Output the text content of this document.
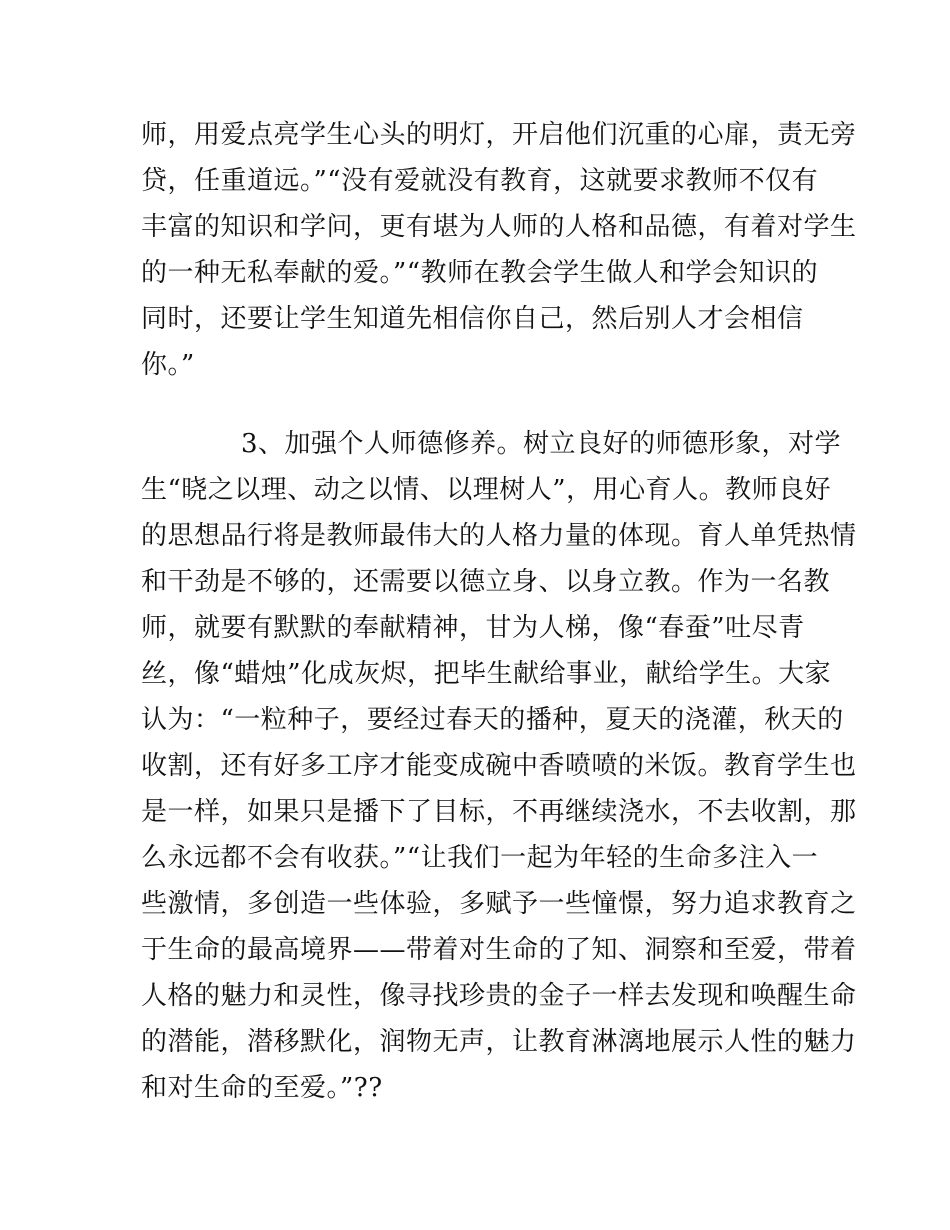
师，用爱点亮学生心头的明灯，开启他们沉重的心扉，责无旁
贷，任重道远。”“没有爱就没有教育，这就要求教师不仅有
丰富的知识和学问，更有堪为人师的人格和品德，有着对学生
的一种无私奉献的爱。”“教师在教会学生做人和学会知识的
同时，还要让学生知道先相信你自己，然后别人才会相信
你。”
3、加强个人师德修养。树立良好的师德形象，对学
生“晓之以理、动之以情、以理树人”，用心育人。教师良好
的思想品行将是教师最伟大的人格力量的体现。育人单凭热情
和干劲是不够的，还需要以德立身、以身立教。作为一名教
师，就要有默默的奉献精神，甘为人梯，像“春蚕”吐尽青
丝，像“蜡烛”化成灰烬，把毕生献给事业，献给学生。大家
认为：“一粒种子，要经过春天的播种，夏天的浇灌，秋天的
收割，还有好多工序才能变成碗中香喷喷的米饭。教育学生也
是一样，如果只是播下了目标，不再继续浇水，不去收割，那
么永远都不会有收获。”“让我们一起为年轻的生命多注入一
些激情，多创造一些体验，多赋予一些憧憬，努力追求教育之
于生命的最高境界——带着对生命的了知、洞察和至爱，带着
人格的魅力和灵性，像寻找珍贵的金子一样去发现和唤醒生命
的潜能，潜移默化，润物无声，让教育淋漓地展示人性的魅力
和对生命的至爱。”??
